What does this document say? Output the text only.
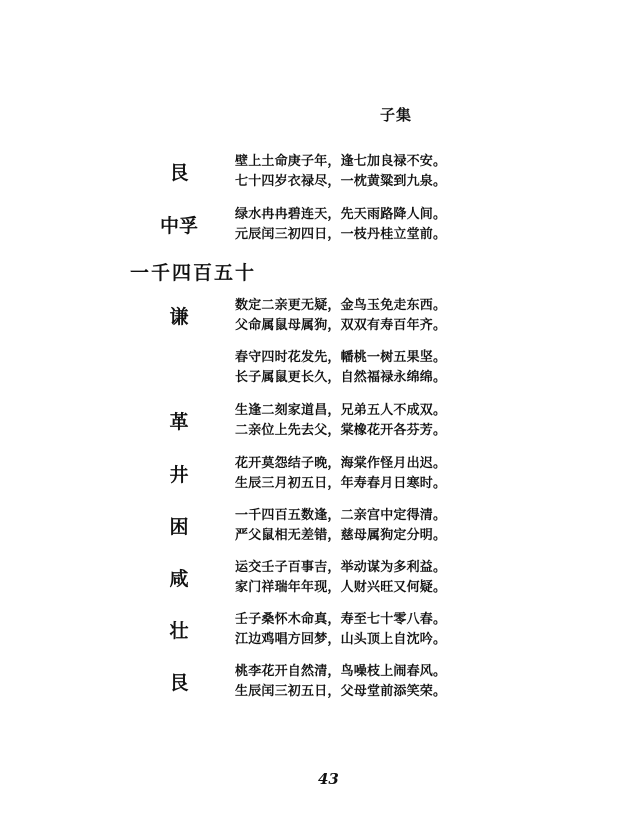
子集
艮
壁上土命庚子年，逢七加良禄不安。
七十四岁衣禄尽，一枕黄粱到九泉。
中孚
绿水冉冉碧连天，先天雨路降人间。
元辰闰三初四日，一枝丹桂立堂前。
一千四百五十
谦
数定二亲更无疑，金鸟玉免走东西。
父命属鼠母属狗，双双有寿百年齐。
春守四时花发先，幡桃一树五果坚。
长子属鼠更长久，自然福禄永绵绵。
革
生逢二刻家道昌，兄弟五人不成双。
二亲位上先去父，棠橡花开各芬芳。
井
花开莫怨结子晚，海棠作怪月出迟。
生辰三月初五日，年寿春月日寒时。
困
一千四百五数逢，二亲宫中定得清。
严父鼠相无差错，慈母属狗定分明。
咸
运交壬子百事吉，举动谋为多利益。
家门祥瑞年年现，人财兴旺又何疑。
壮
壬子桑怀木命真，寿至七十零八春。
江边鸡唱方回梦，山头顶上自沈吟。
艮
桃李花开自然清，鸟噪枝上闹春风。
生辰闰三初五日，父母堂前添笑荣。
43
